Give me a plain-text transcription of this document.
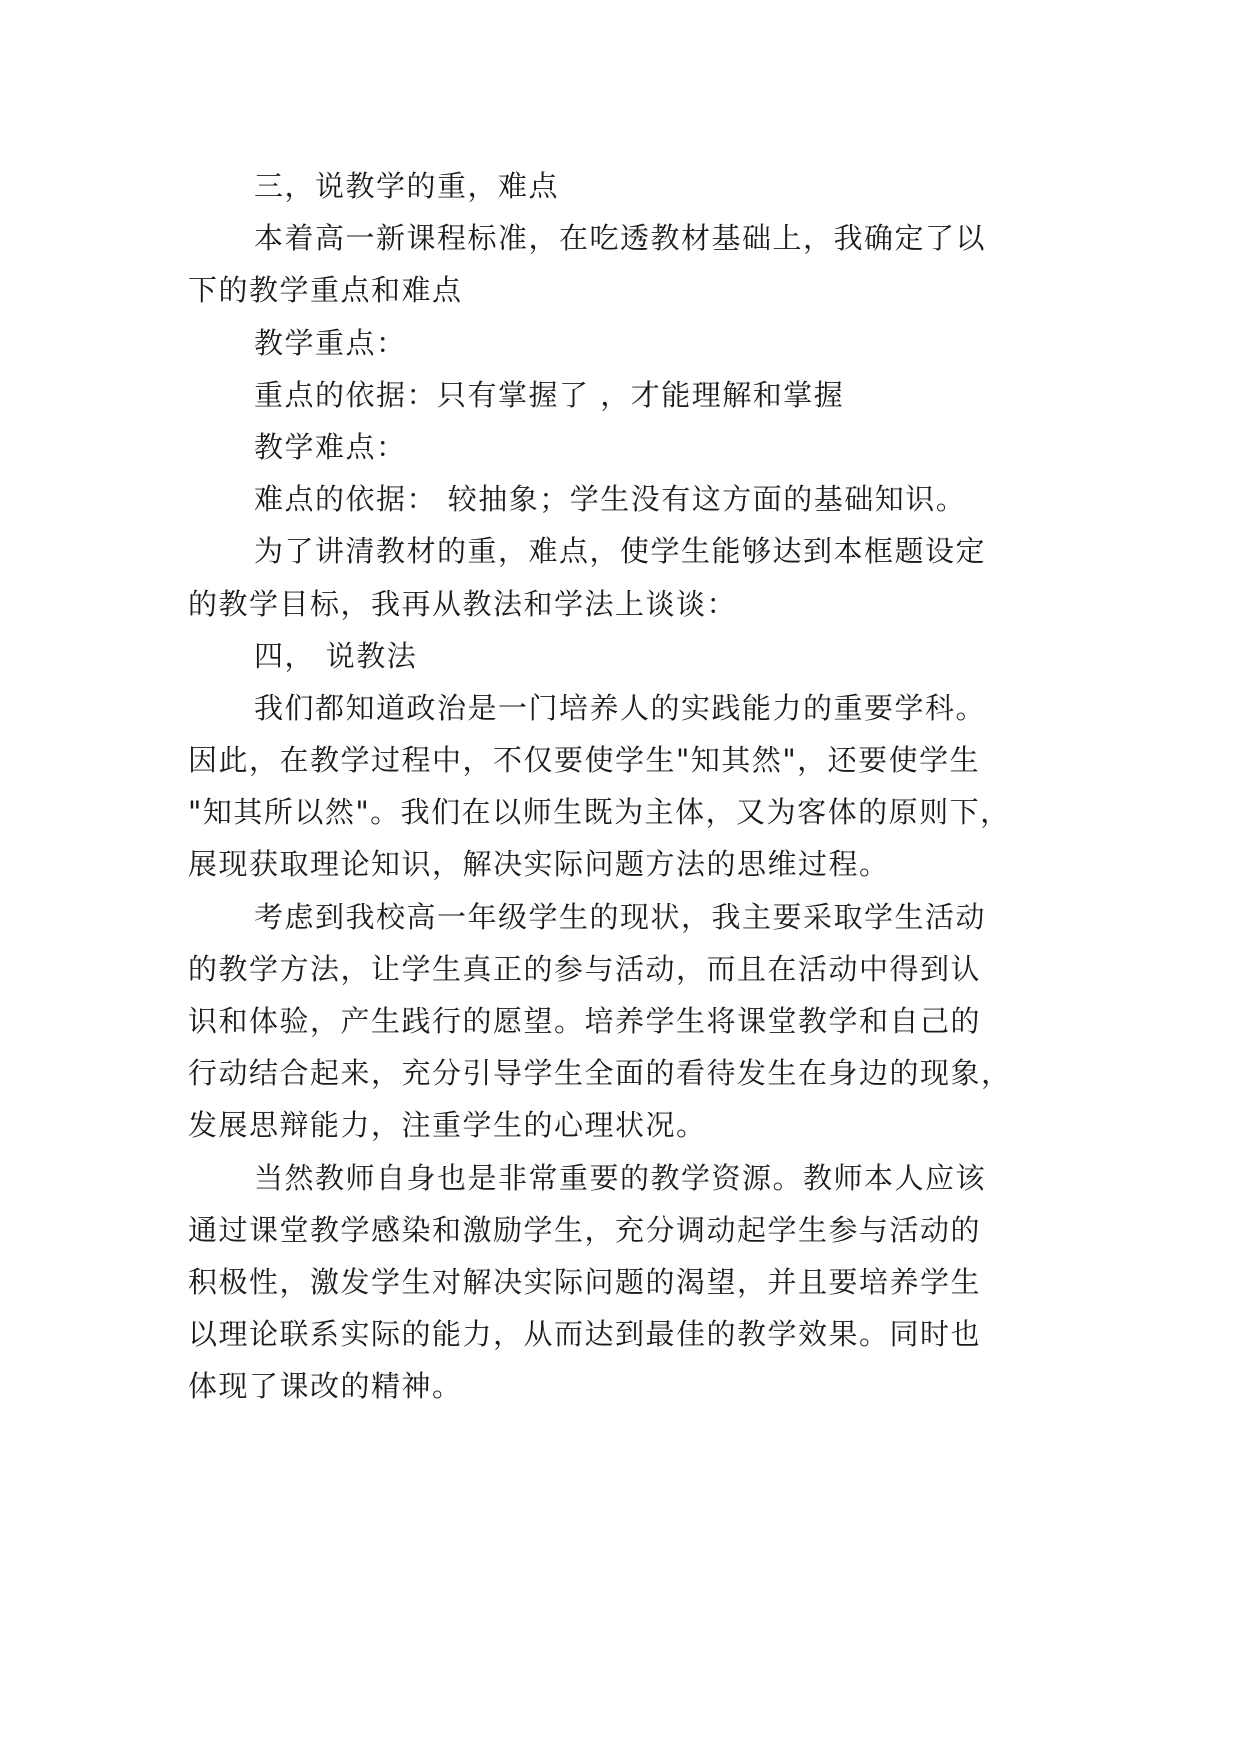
三，说教学的重，难点
本着高一新课程标准，在吃透教材基础上，我确定了以
下的教学重点和难点
教学重点：
重点的依据：只有掌握了 ，才能理解和掌握
教学难点：
难点的依据： 较抽象；学生没有这方面的基础知识。
为了讲清教材的重，难点，使学生能够达到本框题设定
的教学目标，我再从教法和学法上谈谈：
四， 说教法
我们都知道政治是一门培养人的实践能力的重要学科。
因此，在教学过程中，不仅要使学生"知其然"，还要使学生
"知其所以然"。我们在以师生既为主体，又为客体的原则下，
展现获取理论知识，解决实际问题方法的思维过程。
考虑到我校高一年级学生的现状，我主要采取学生活动
的教学方法，让学生真正的参与活动，而且在活动中得到认
识和体验，产生践行的愿望。培养学生将课堂教学和自己的
行动结合起来，充分引导学生全面的看待发生在身边的现象，
发展思辩能力，注重学生的心理状况。
当然教师自身也是非常重要的教学资源。教师本人应该
通过课堂教学感染和激励学生，充分调动起学生参与活动的
积极性，激发学生对解决实际问题的渴望，并且要培养学生
以理论联系实际的能力，从而达到最佳的教学效果。同时也
体现了课改的精神。
